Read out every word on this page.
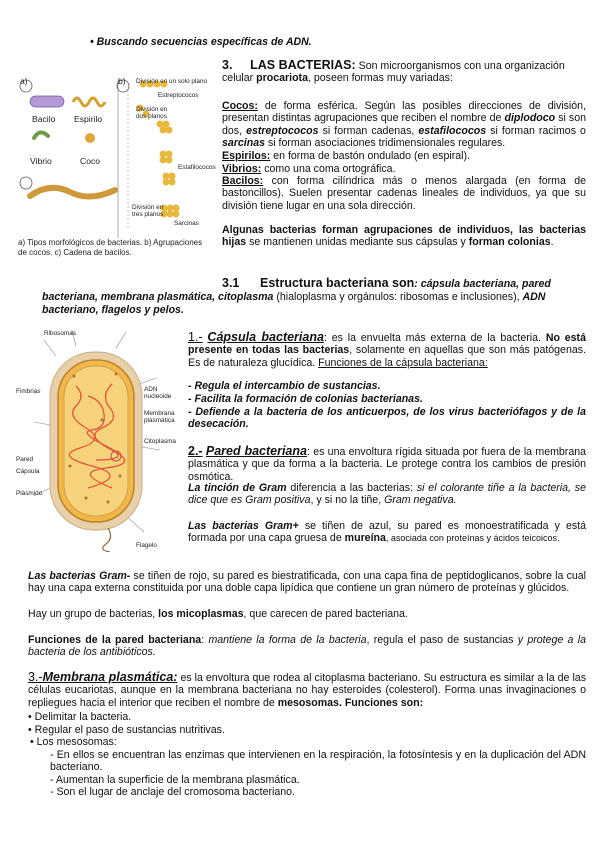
• Buscando secuencias específicas de ADN.
a)	b)
Bacilo Espirilo
Vibrio	Coco
División en un solo plano
Estreptococos
División en dos planos
Estafilococos
División en tres planos
Sarcinas
a) Tipos morfológicos de bacterias. b) Agrupaciones de cocos. c) Cadena de bacilos.
3. LAS BACTERIAS: Son microorganismos con una organización celular procariota, poseen formas muy variadas:
Cocos: de forma esférica. Según las posibles direcciones de división, presentan distintas agrupaciones que reciben el nombre de diplodoco si son dos, estreptococos si forman cadenas, estafilococos si forman racimos o sarcinas si forman asociaciones tridimensionales regulares.
Espirilos: en forma de bastón ondulado (en espiral).
Vibrios: como una coma ortográfica.
Bacilos: con forma cilíndrica más o menos alargada (en forma de bastoncillos). Suelen presentar cadenas lineales de individuos, ya que su división tiene lugar en una sola dirección.
Algunas bacterias forman agrupaciones de individuos, las bacterias hijas se mantienen unidas mediante sus cápsulas y forman colonias.
3.1 Estructura bacteriana son: cápsula bacteriana, pared
bacteriana, membrana plasmática, citoplasma (hialoplasma y orgánulos: ribosomas e inclusiones), ADN
bacteriano, flagelos y pelos.
Ribosomas
Fimbrias
Pared
Cápsula
Plásmido
ADN nucleoide
Membrana plasmática
Citoplasma
Flagelo
1.- Cápsula bacteriana: es la envuelta más externa de la bacteria. No está presente en todas las bacterias, solamente en aquellas que son más patógenas. Es de naturaleza glucídica. Funciones de la cápsula bacteriana:
- Regula el intercambio de sustancias.
- Facilita la formación de colonias bacterianas.
- Defiende a la bacteria de los anticuerpos, de los virus bacteriófagos y de la desecación.
2.- Pared bacteriana: es una envoltura rígida situada por fuera de la membrana plasmática y que da forma a la bacteria. Le protege contra los cambios de presión osmótica.
La tinción de Gram diferencia a las bacterias: si el colorante tiñe a la bacteria, se dice que es Gram positiva, y si no la tiñe, Gram negativa.
Las bacterias Gram+ se tiñen de azul, su pared es monoestratificada y está formada por una capa gruesa de mureína, asociada con proteínas y ácidos teicoicos.
Las bacterias Gram- se tiñen de rojo, su pared es biestratificada, con una capa fina de peptidoglicanos, sobre la cual hay una capa externa constituida por una doble capa lipídica que contiene un gran número de proteínas y glúcidos.
Hay un grupo de bacterias, los micoplasmas, que carecen de pared bacteriana.
Funciones de la pared bacteriana: mantiene la forma de la bacteria, regula el paso de sustancias y protege a la bacteria de los antibióticos.
3.-Membrana plasmática: es la envoltura que rodea al citoplasma bacteriano. Su estructura es similar a la de las células eucariotas, aunque en la membrana bacteriana no hay esteroides (colesterol). Forma unas invaginaciones o repliegues hacia el interior que reciben el nombre de mesosomas. Funciones son:
• Delimitar la bacteria.
• Regular el paso de sustancias nutritivas.
• Los mesosomas:
- En ellos se encuentran las enzimas que intervienen en la respiración, la fotosíntesis y en la duplicación del ADN bacteriano.
- Aumentan la superficie de la membrana plasmática.
- Son el lugar de anclaje del cromosoma bacteriano.
